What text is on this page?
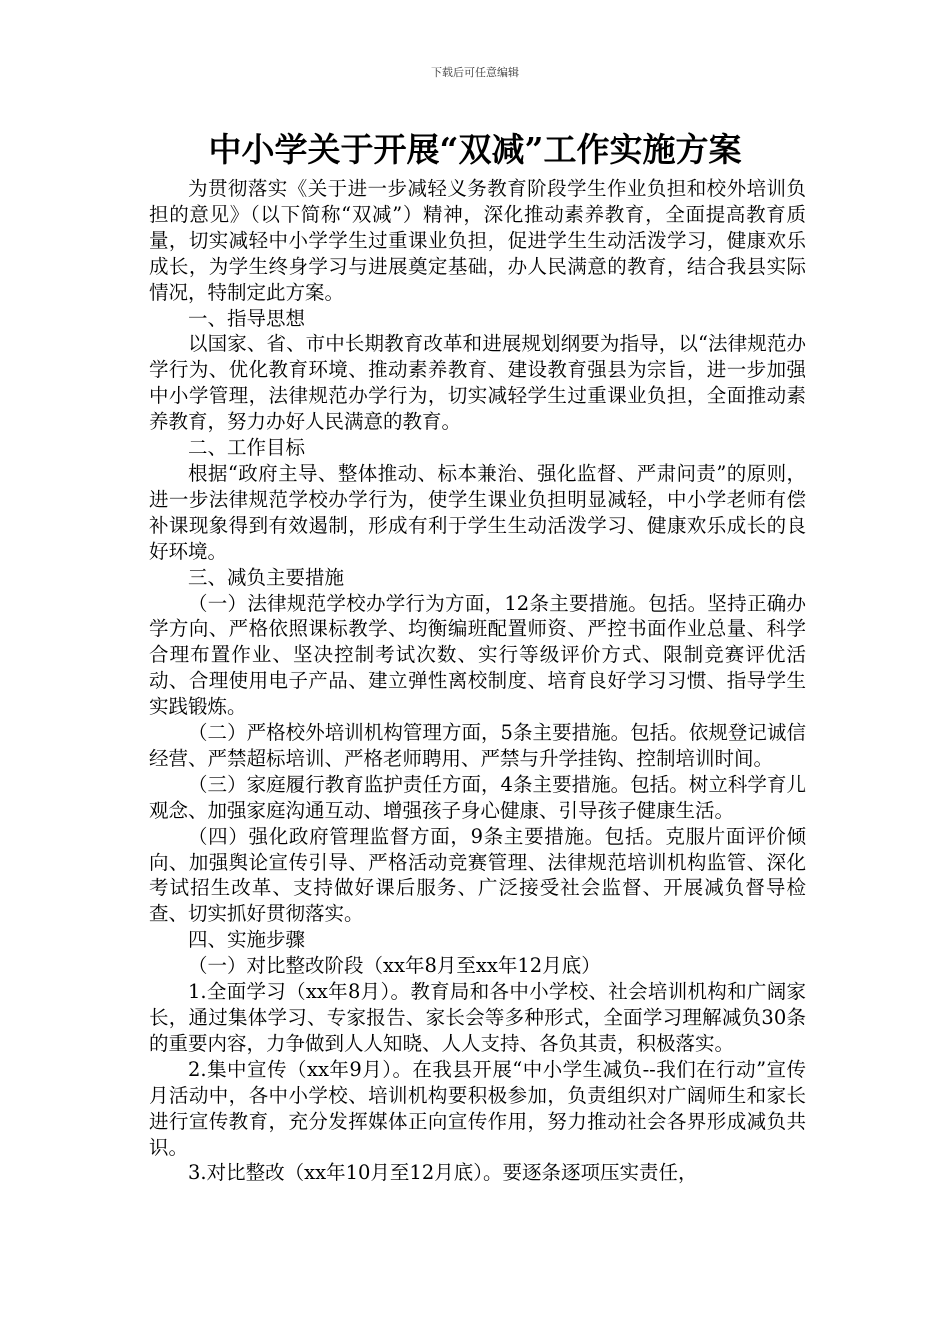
下载后可任意编辑
中小学关于开展“双减”工作实施方案

为贯彻落实《关于进一步减轻义务教育阶段学生作业负担和校外培训负担的意见》（以下简称“双减”）精神，深化推动素养教育，全面提高教育质量，切实减轻中小学学生过重课业负担，促进学生生动活泼学习，健康欢乐成长，为学生终身学习与进展奠定基础，办人民满意的教育，结合我县实际情况，特制定此方案。

一、指导思想

以国家、省、市中长期教育改革和进展规划纲要为指导，以“法律规范办学行为、优化教育环境、推动素养教育、建设教育强县为宗旨，进一步加强中小学管理，法律规范办学行为，切实减轻学生过重课业负担，全面推动素养教育，努力办好人民满意的教育。

二、工作目标

根据“政府主导、整体推动、标本兼治、强化监督、严肃问责”的原则，进一步法律规范学校办学行为，使学生课业负担明显减轻，中小学老师有偿补课现象得到有效遏制，形成有利于学生生动活泼学习、健康欢乐成长的良好环境。

三、减负主要措施

（一）法律规范学校办学行为方面，12条主要措施。包括。坚持正确办学方向、严格依照课标教学、均衡编班配置师资、严控书面作业总量、科学合理布置作业、坚决控制考试次数、实行等级评价方式、限制竞赛评优活动、合理使用电子产品、建立弹性离校制度、培育良好学习习惯、指导学生实践锻炼。

（二）严格校外培训机构管理方面，5条主要措施。包括。依规登记诚信经营、严禁超标培训、严格老师聘用、严禁与升学挂钩、控制培训时间。

（三）家庭履行教育监护责任方面，4条主要措施。包括。树立科学育儿观念、加强家庭沟通互动、增强孩子身心健康、引导孩子健康生活。

（四）强化政府管理监督方面，9条主要措施。包括。克服片面评价倾向、加强舆论宣传引导、严格活动竞赛管理、法律规范培训机构监管、深化考试招生改革、支持做好课后服务、广泛接受社会监督、开展减负督导检查、切实抓好贯彻落实。

四、实施步骤

（一）对比整改阶段（xx年8月至xx年12月底）

1.全面学习（xx年8月）。教育局和各中小学校、社会培训机构和广阔家长，通过集体学习、专家报告、家长会等多种形式，全面学习理解减负30条的重要内容，力争做到人人知晓、人人支持、各负其责，积极落实。

2.集中宣传（xx年9月）。在我县开展“中小学生减负--我们在行动”宣传月活动中，各中小学校、培训机构要积极参加，负责组织对广阔师生和家长进行宣传教育，充分发挥媒体正向宣传作用，努力推动社会各界形成减负共识。

3.对比整改（xx年10月至12月底）。要逐条逐项压实责任，
